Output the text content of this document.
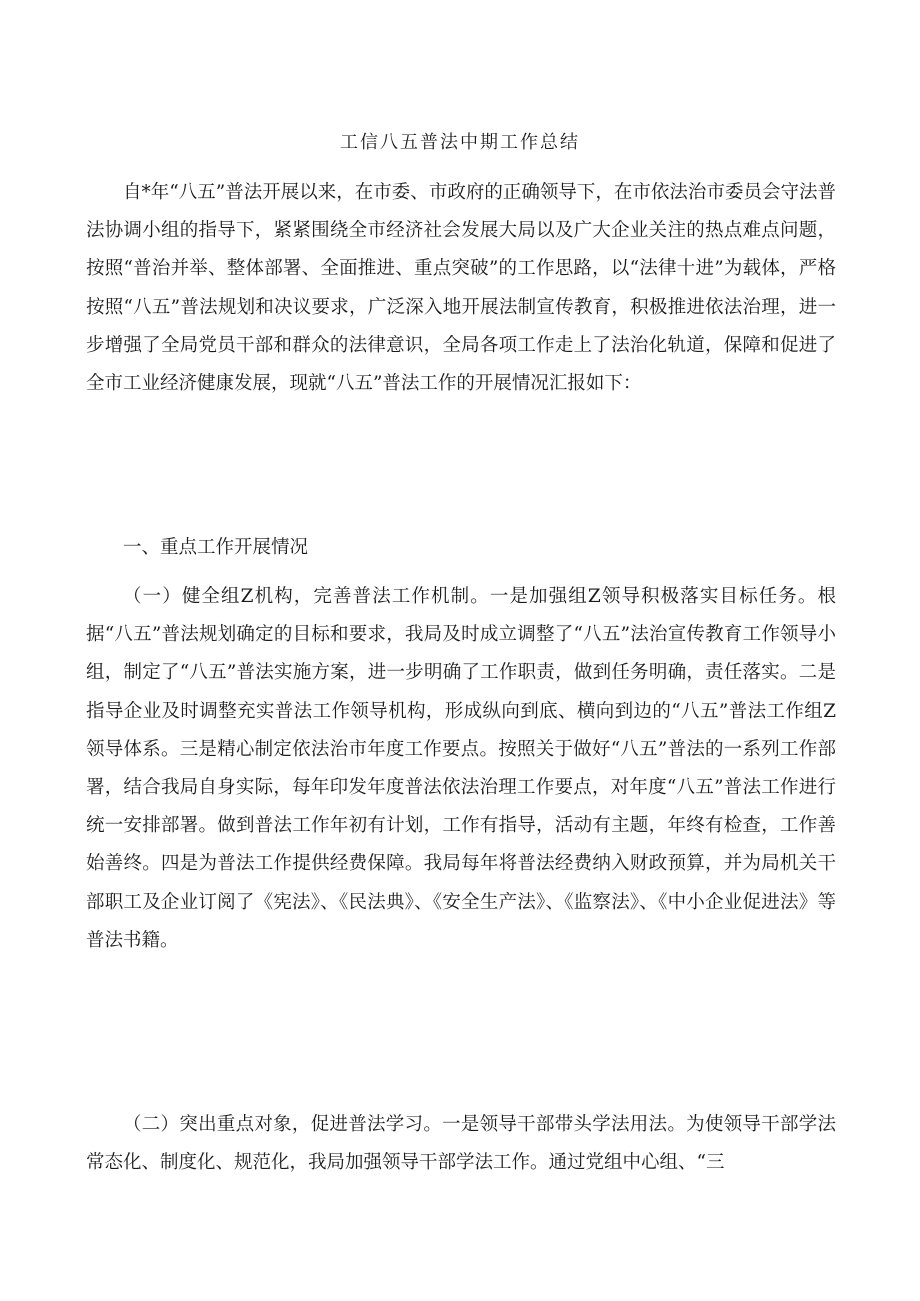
工信八五普法中期工作总结

自*年“八五”普法开展以来，在市委、市政府的正确领导下，在市依法治市委员会守法普法协调小组的指导下，紧紧围绕全市经济社会发展大局以及广大企业关注的热点难点问题，按照“普治并举、整体部署、全面推进、重点突破”的工作思路，以“法律十进”为载体，严格按照“八五”普法规划和决议要求，广泛深入地开展法制宣传教育，积极推进依法治理，进一步增强了全局党员干部和群众的法律意识，全局各项工作走上了法治化轨道，保障和促进了全市工业经济健康发展，现就“八五”普法工作的开展情况汇报如下：

一、重点工作开展情况

（一）健全组Z机构，完善普法工作机制。一是加强组Z领导积极落实目标任务。根据“八五”普法规划确定的目标和要求，我局及时成立调整了“八五”法治宣传教育工作领导小组，制定了“八五”普法实施方案，进一步明确了工作职责，做到任务明确，责任落实。二是指导企业及时调整充实普法工作领导机构，形成纵向到底、横向到边的“八五”普法工作组Z领导体系。三是精心制定依法治市年度工作要点。按照关于做好“八五”普法的一系列工作部署，结合我局自身实际，每年印发年度普法依法治理工作要点，对年度“八五”普法工作进行统一安排部署。做到普法工作年初有计划，工作有指导，活动有主题，年终有检查，工作善始善终。四是为普法工作提供经费保障。我局每年将普法经费纳入财政预算，并为局机关干部职工及企业订阅了《宪法》、《民法典》、《安全生产法》、《监察法》、《中小企业促进法》等普法书籍。

（二）突出重点对象，促进普法学习。一是领导干部带头学法用法。为使领导干部学法常态化、制度化、规范化，我局加强领导干部学法工作。通过党组中心组、“三
